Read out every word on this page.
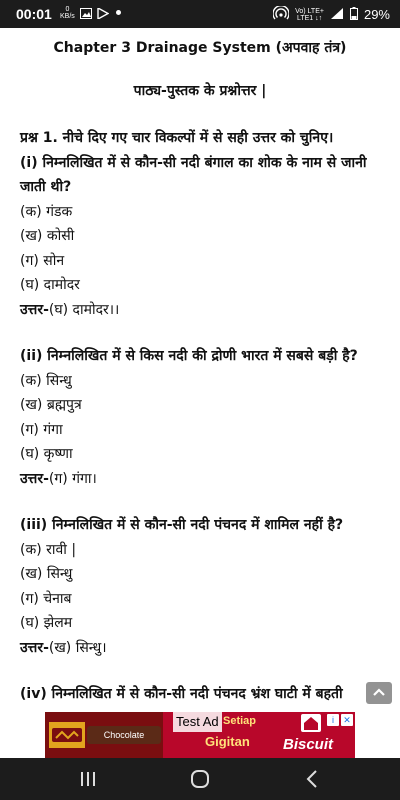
00:01	0
KB/s
Vo) LTE+
LTE1 ↓↑	29%
Chapter 3 Drainage System (अपवाह तंत्र)
पाठ्य-पुस्तक के प्रश्नोत्तर |
प्रश्न 1. नीचे दिए गए चार विकल्पों में से सही उत्तर को चुनिए।
(i) निम्नलिखित में से कौन-सी नदी बंगाल का शोक के नाम से जानी जाती थी?
(क) गंडक
(ख) कोसी
(ग) सोन
(घ) दामोदर
उत्तर-(घ) दामोदर।।
(ii) निम्नलिखित में से किस नदी की द्रोणी भारत में सबसे बड़ी है?
(क) सिन्धु
(ख) ब्रह्मपुत्र
(ग) गंगा
(घ) कृष्णा
उत्तर-(ग) गंगा।
(iii) निम्नलिखित में से कौन-सी नदी पंचनद में शामिल नहीं है?
(क) रावी |
(ख) सिन्धु
(ग) चेनाब
(घ) झेलम
उत्तर-(ख) सिन्धु।
(iv) निम्नलिखित में से कौन-सी नदी पंचनद भ्रंश घाटी में बहती
Chocolate
Test Ad Setiap
Gigitan Biscuit
i	✕
